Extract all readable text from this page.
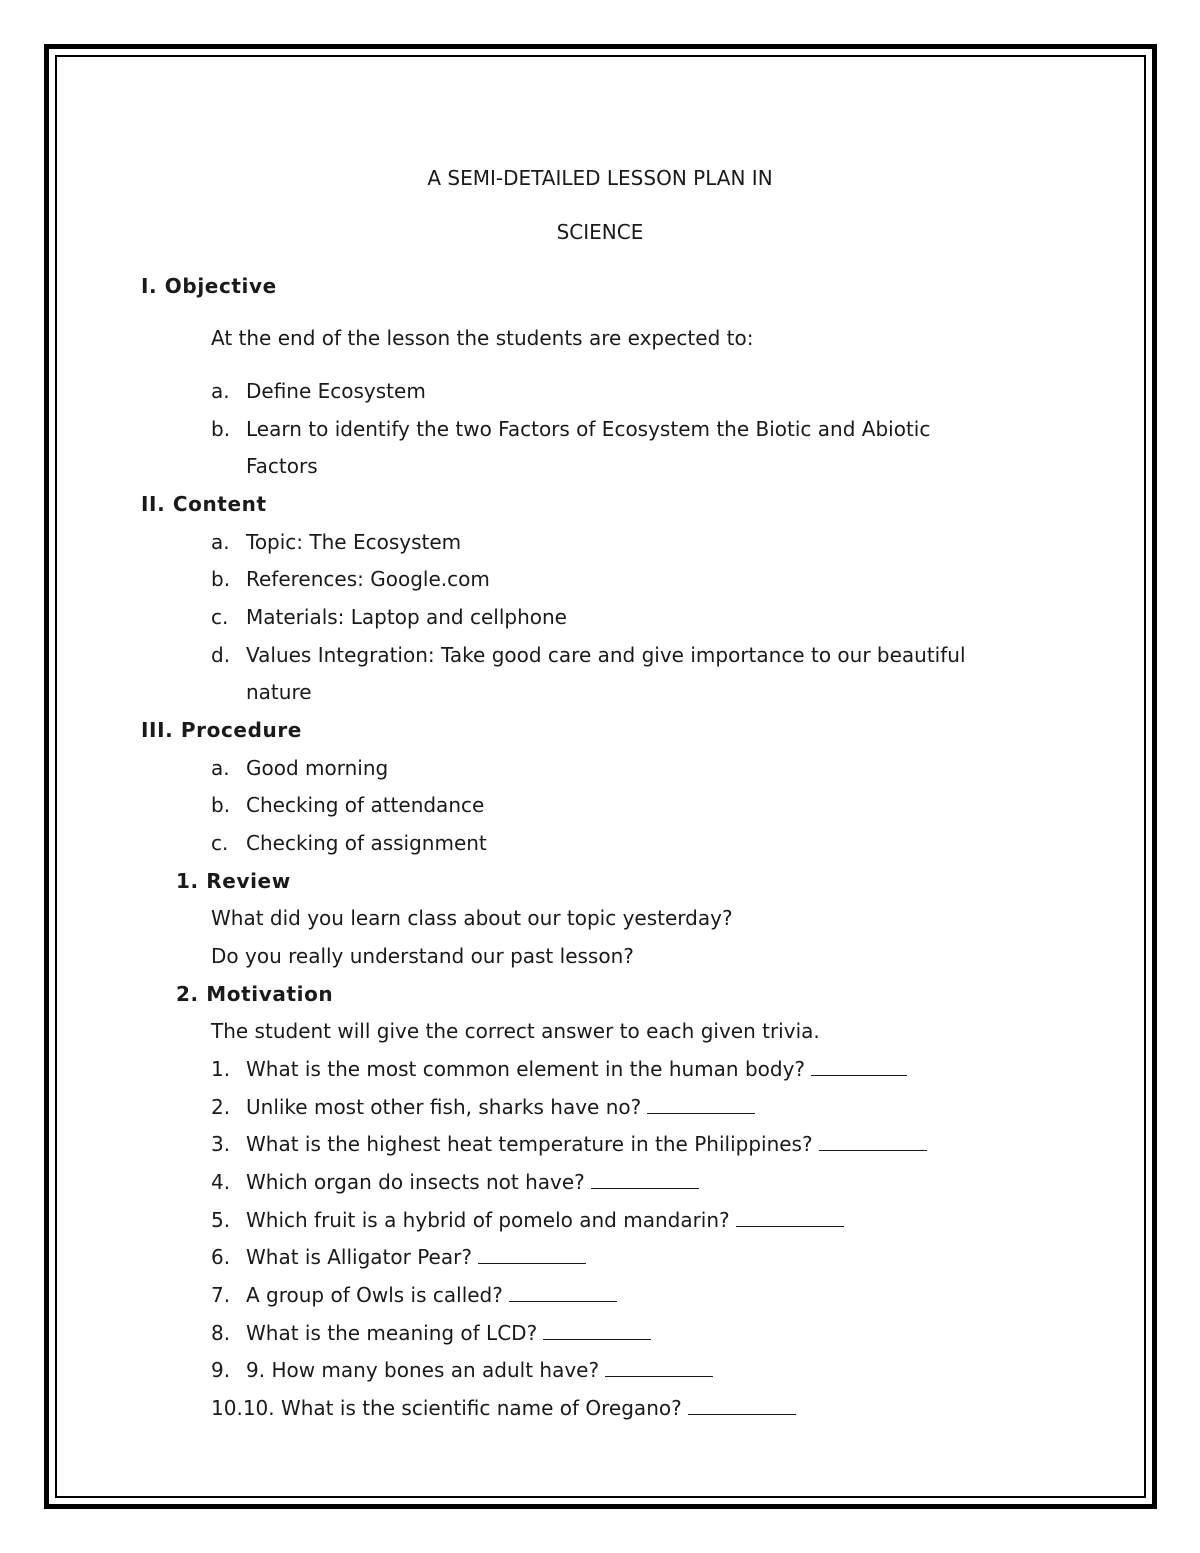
A SEMI-DETAILED LESSON PLAN IN
SCIENCE
I. Objective
At the end of the lesson the students are expected to:
a. Define Ecosystem
b. Learn to identify the two Factors of Ecosystem the Biotic and Abiotic
Factors
II. Content
a. Topic: The Ecosystem
b. References: Google.com
c. Materials: Laptop and cellphone
d. Values Integration: Take good care and give importance to our beautiful
nature
III. Procedure
a. Good morning
b. Checking of attendance
c. Checking of assignment
1. Review
What did you learn class about our topic yesterday?
Do you really understand our past lesson?
2. Motivation
The student will give the correct answer to each given trivia.
1. What is the most common element in the human body?
2. Unlike most other fish, sharks have no?
3. What is the highest heat temperature in the Philippines?
4. Which organ do insects not have?
5. Which fruit is a hybrid of pomelo and mandarin?
6. What is Alligator Pear?
7. A group of Owls is called?
8. What is the meaning of LCD?
9. 9. How many bones an adult have?
10.10. What is the scientific name of Oregano?
